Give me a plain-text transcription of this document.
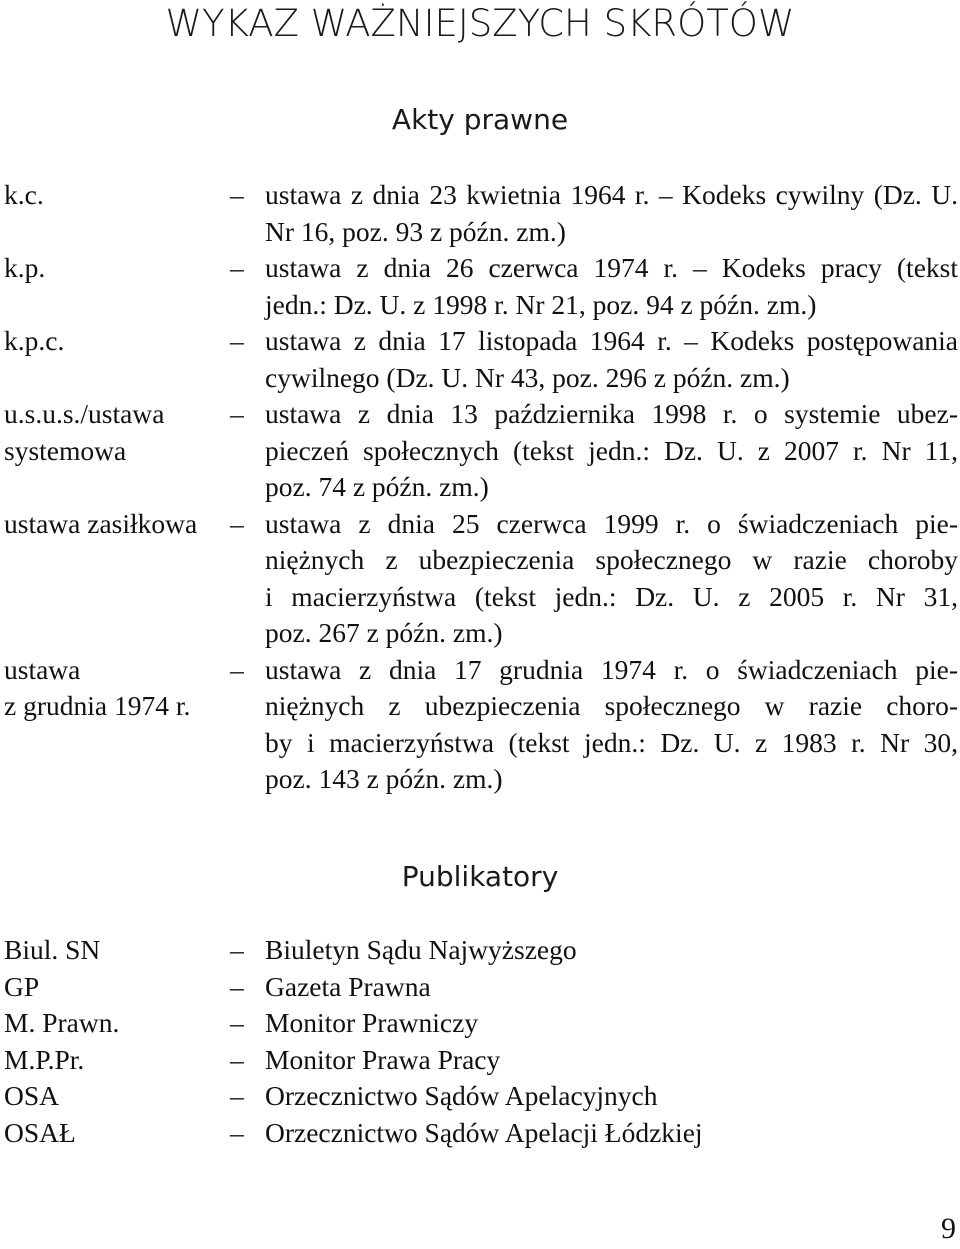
WYKAZ WAŻNIEJSZYCH SKRÓTÓW
Akty prawne
k.c.	– ustawa z dnia 23 kwietnia 1964 r. – Kodeks cywilny (Dz. U.
Nr 16, poz. 93 z późn. zm.)
k.p.	– ustawa z dnia 26 czerwca 1974 r. – Kodeks pracy (tekst
jedn.: Dz. U. z 1998 r. Nr 21, poz. 94 z późn. zm.)
k.p.c.	– ustawa z dnia 17 listopada 1964 r. – Kodeks postępowania
cywilnego (Dz. U. Nr 43, poz. 296 z późn. zm.)
u.s.u.s./ustawa
systemowa
– ustawa z dnia 13 października 1998 r. o systemie ubez-
pieczeń społecznych (tekst jedn.: Dz. U. z 2007 r. Nr 11,
poz. 74 z późn. zm.)
ustawa zasiłkowa	– ustawa z dnia 25 czerwca 1999 r. o świadczeniach pie-
niężnych z ubezpieczenia społecznego w razie choroby
i macierzyństwa (tekst jedn.: Dz. U. z 2005 r. Nr 31,
poz. 267 z późn. zm.)
ustawa
z grudnia 1974 r.
– ustawa z dnia 17 grudnia 1974 r. o świadczeniach pie-
niężnych z ubezpieczenia społecznego w razie choro-
by i macierzyństwa (tekst jedn.: Dz. U. z 1983 r. Nr 30,
poz. 143 z późn. zm.)
Publikatory
Biul. SN	– Biuletyn Sądu Najwyższego
GP	– Gazeta Prawna
M. Prawn.	– Monitor Prawniczy
M.P.Pr.	– Monitor Prawa Pracy
OSA	– Orzecznictwo Sądów Apelacyjnych
OSAŁ	– Orzecznictwo Sądów Apelacji Łódzkiej
9
